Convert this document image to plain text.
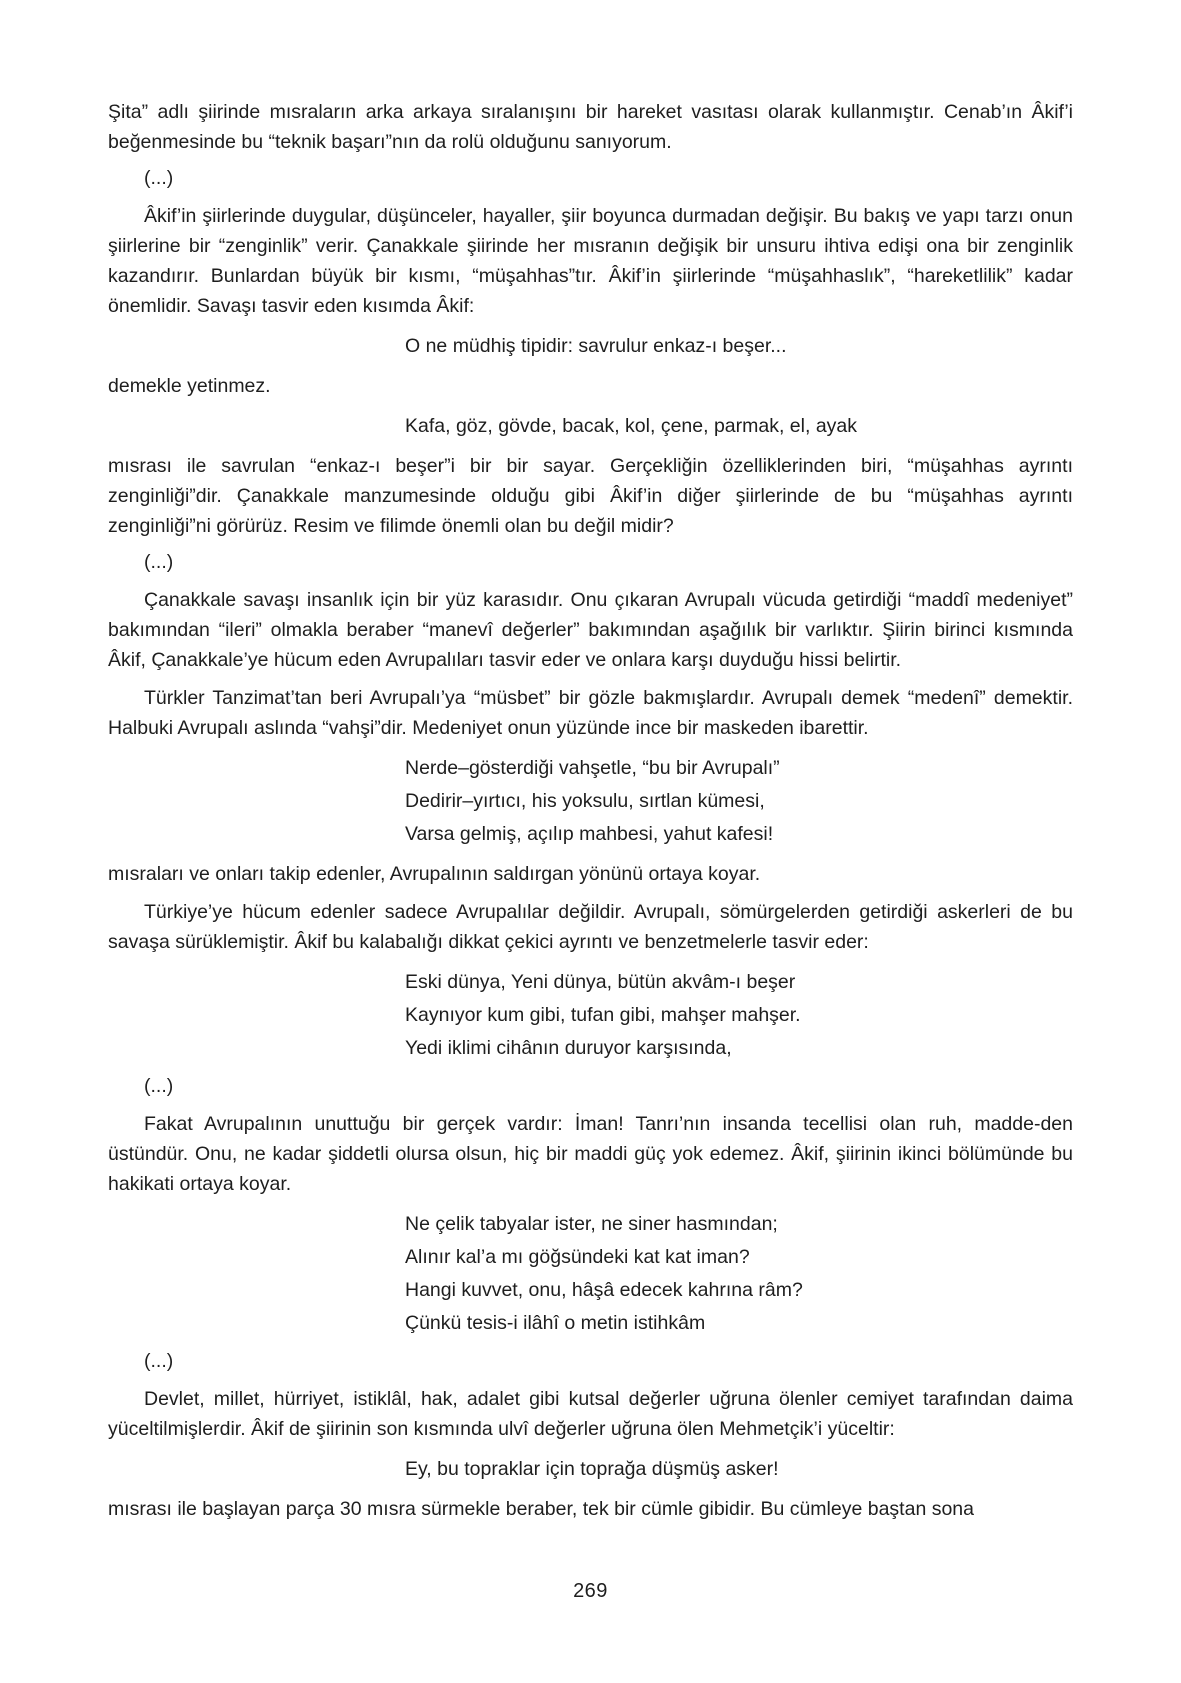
Şita” adlı şiirinde mısraların arka arkaya sıralanışını bir hareket vasıtası olarak kullanmıştır. Cenab’ın Âkif’i beğenmesinde bu “teknik başarı”nın da rolü olduğunu sanıyorum.

(...)

Âkif’in şiirlerinde duygular, düşünceler, hayaller, şiir boyunca durmadan değişir. Bu bakış ve yapı tarzı onun şiirlerine bir “zenginlik” verir. Çanakkale şiirinde her mısranın değişik bir unsuru ihtiva edişi ona bir zenginlik kazandırır. Bunlardan büyük bir kısmı, “müşahhas”tır. Âkif’in şiirlerinde “müşahhaslık”, “hareketlilik” kadar önemlidir. Savaşı tasvir eden kısımda Âkif:

O ne müdhiş tipidir: savrulur enkaz-ı beşer...

demekle yetinmez.

Kafa, göz, gövde, bacak, kol, çene, parmak, el, ayak

mısrası ile savrulan “enkaz-ı beşer”i bir bir sayar. Gerçekliğin özelliklerinden biri, “müşahhas ayrıntı zenginliği”dir. Çanakkale manzumesinde olduğu gibi Âkif’in diğer şiirlerinde de bu “müşahhas ayrıntı zenginliği”ni görürüz. Resim ve filimde önemli olan bu değil midir?

(...)

Çanakkale savaşı insanlık için bir yüz karasıdır. Onu çıkaran Avrupalı vücuda getirdiği “maddî medeniyet” bakımından “ileri” olmakla beraber “manevî değerler” bakımından aşağılık bir varlıktır. Şiirin birinci kısmında Âkif, Çanakkale’ye hücum eden Avrupalıları tasvir eder ve onlara karşı duyduğu hissi belirtir.

Türkler Tanzimat’tan beri Avrupalı’ya “müsbet” bir gözle bakmışlardır. Avrupalı demek “medenî” demektir. Halbuki Avrupalı aslında “vahşi”dir. Medeniyet onun yüzünde ince bir maskeden ibarettir.

Nerde–gösterdiği vahşetle, “bu bir Avrupalı”
Dedirir–yırtıcı, his yoksulu, sırtlan kümesi,
Varsa gelmiş, açılıp mahbesi, yahut kafesi!

mısraları ve onları takip edenler, Avrupalının saldırgan yönünü ortaya koyar.

Türkiye’ye hücum edenler sadece Avrupalılar değildir. Avrupalı, sömürgelerden getirdiği askerleri de bu savaşa sürüklemiştir. Âkif bu kalabalığı dikkat çekici ayrıntı ve benzetmelerle tasvir eder:

Eski dünya, Yeni dünya, bütün akvâm-ı beşer
Kaynıyor kum gibi, tufan gibi, mahşer mahşer.
Yedi iklimi cihânın duruyor karşısında,

(...)

Fakat Avrupalının unuttuğu bir gerçek vardır: İman! Tanrı’nın insanda tecellisi olan ruh, madde-den üstündür. Onu, ne kadar şiddetli olursa olsun, hiç bir maddi güç yok edemez. Âkif, şiirinin ikinci bölümünde bu hakikati ortaya koyar.

Ne çelik tabyalar ister, ne siner hasmından;
Alınır kal’a mı göğsündeki kat kat iman?
Hangi kuvvet, onu, hâşâ edecek kahrına râm?
Çünkü tesis-i ilâhî o metin istihkâm

(...)

Devlet, millet, hürriyet, istiklâl, hak, adalet gibi kutsal değerler uğruna ölenler cemiyet tarafından daima yüceltilmişlerdir. Âkif de şiirinin son kısmında ulvî değerler uğruna ölen Mehmetçik’i yüceltir:

Ey, bu topraklar için toprağa düşmüş asker!

mısrası ile başlayan parça 30 mısra sürmekle beraber, tek bir cümle gibidir. Bu cümleye baştan sona

269
